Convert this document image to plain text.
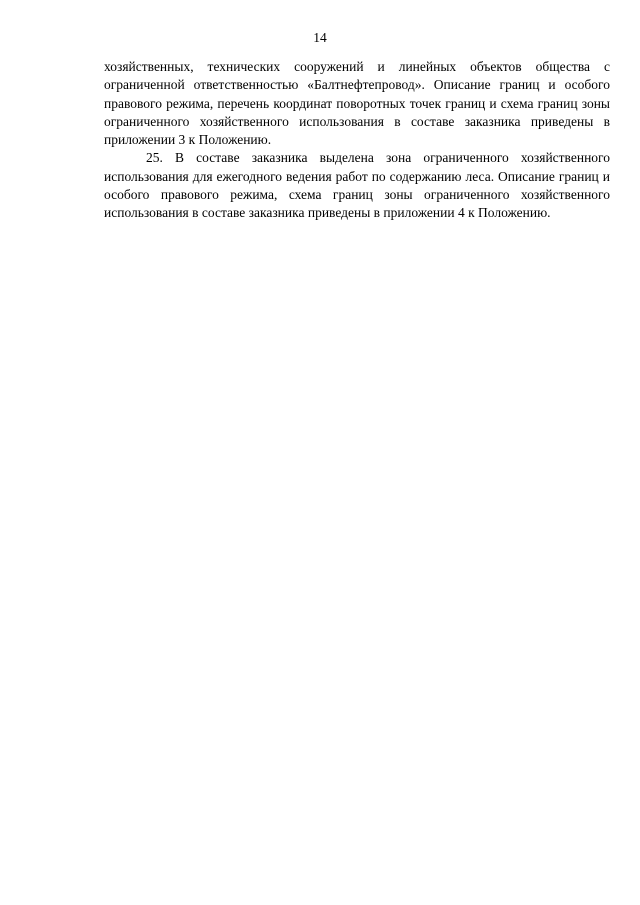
14

хозяйственных, технических сооружений и линейных объектов общества с ограниченной ответственностью «Балтнефтепровод». Описание границ и особого правового режима, перечень координат поворотных точек границ и схема границ зоны ограниченного хозяйственного использования в составе заказника приведены в приложении 3 к Положению.

25. В составе заказника выделена зона ограниченного хозяйственного использования для ежегодного ведения работ по содержанию леса. Описание границ и особого правового режима, схема границ зоны ограниченного хозяйственного использования в составе заказника приведены в приложении 4 к Положению.
